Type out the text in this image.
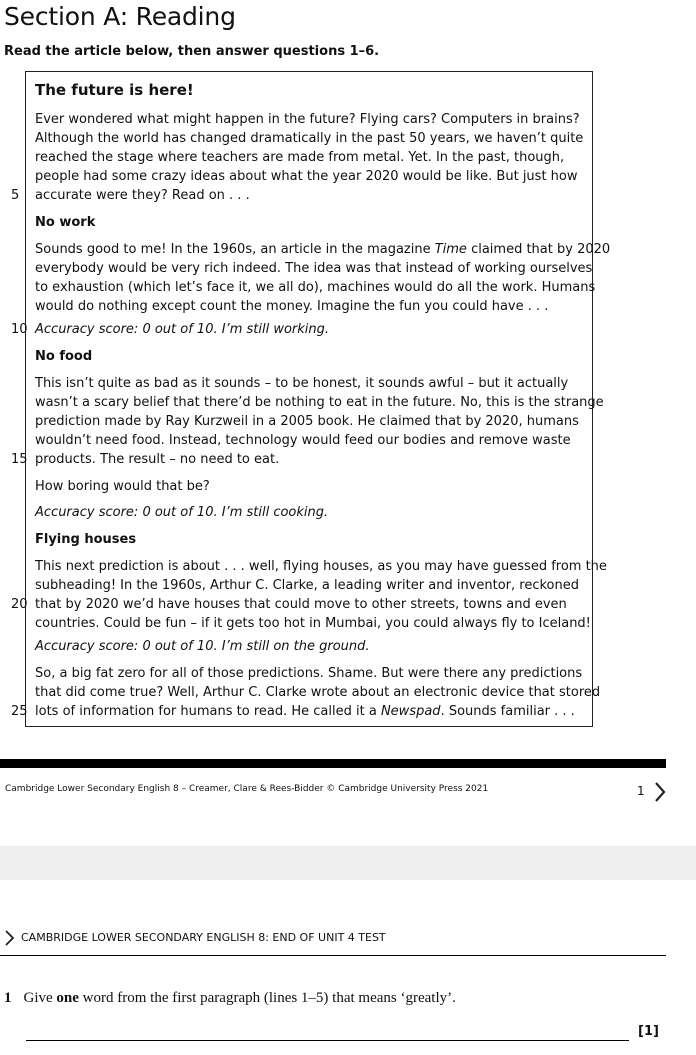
Section A: Reading
Read the article below, then answer questions 1–6.
The future is here!
Ever wondered what might happen in the future? Flying cars? Computers in brains?
Although the world has changed dramatically in the past 50 years, we haven’t quite
reached the stage where teachers are made from metal. Yet. In the past, though,
people had some crazy ideas about what the year 2020 would be like. But just how
5 accurate were they? Read on . . .
No work
Sounds good to me! In the 1960s, an article in the magazine Time claimed that by 2020
everybody would be very rich indeed. The idea was that instead of working ourselves
to exhaustion (which let’s face it, we all do), machines would do all the work. Humans
would do nothing except count the money. Imagine the fun you could have . . .
10 Accuracy score: 0 out of 10. I’m still working.
No food
This isn’t quite as bad as it sounds – to be honest, it sounds awful – but it actually
wasn’t a scary belief that there’d be nothing to eat in the future. No, this is the strange
prediction made by Ray Kurzweil in a 2005 book. He claimed that by 2020, humans
wouldn’t need food. Instead, technology would feed our bodies and remove waste
15 products. The result – no need to eat.
How boring would that be?
Accuracy score: 0 out of 10. I’m still cooking.
Flying houses
This next prediction is about . . . well, flying houses, as you may have guessed from the
subheading! In the 1960s, Arthur C. Clarke, a leading writer and inventor, reckoned
20 that by 2020 we’d have houses that could move to other streets, towns and even
countries. Could be fun – if it gets too hot in Mumbai, you could always fly to Iceland!
Accuracy score: 0 out of 10. I’m still on the ground.
So, a big fat zero for all of those predictions. Shame. But were there any predictions
that did come true? Well, Arthur C. Clarke wrote about an electronic device that stored
25 lots of information for humans to read. He called it a Newspad. Sounds familiar . . .
Cambridge Lower Secondary English 8 – Creamer, Clare & Rees-Bidder © Cambridge University Press 2021	1
CAMBRIDGE LOWER SECONDARY ENGLISH 8: END OF UNIT 4 TEST
1 Give one word from the first paragraph (lines 1–5) that means ‘greatly’.
[1]
